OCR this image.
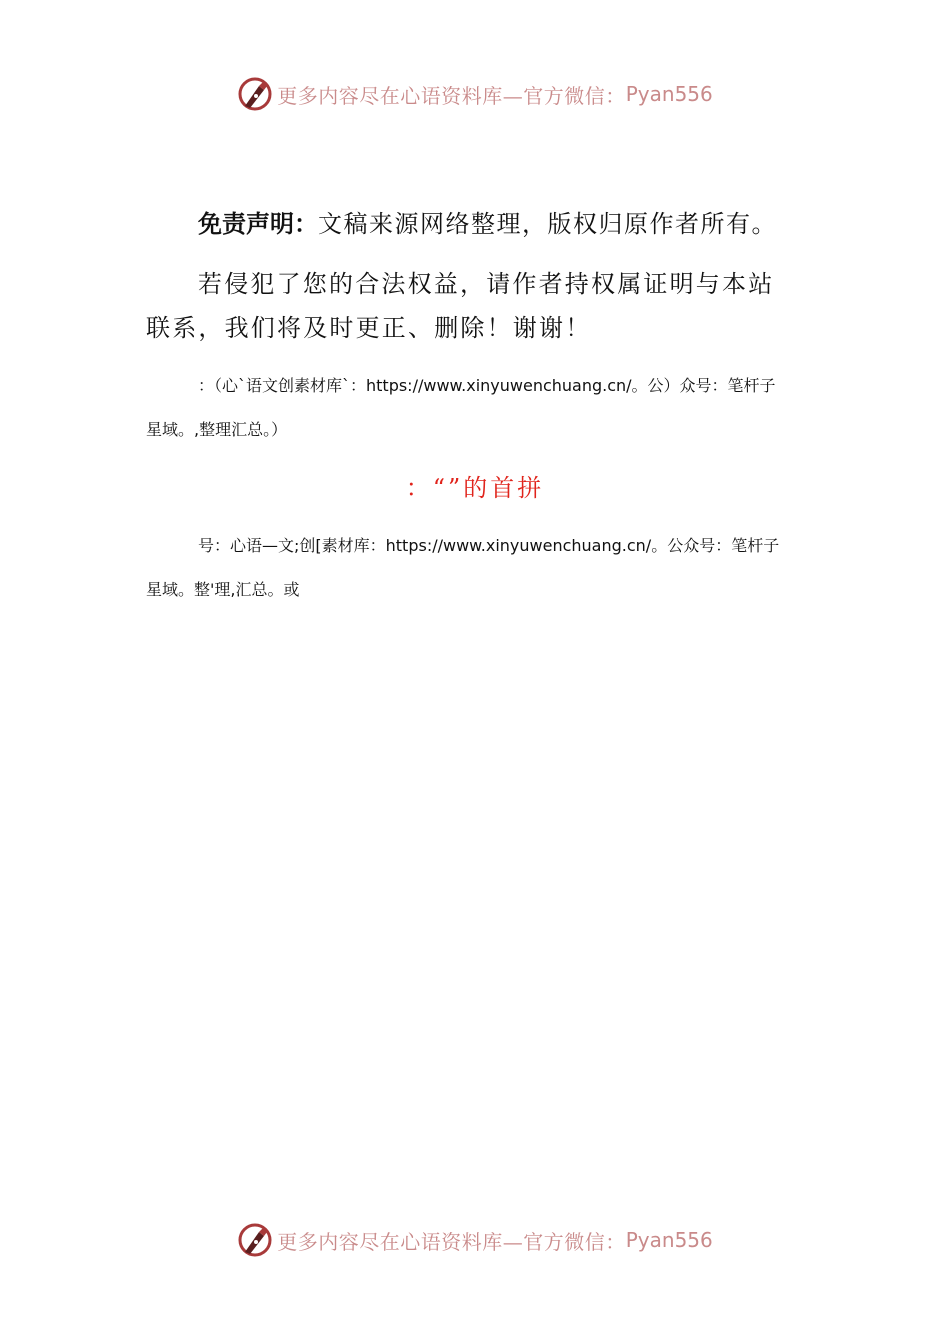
更多内容尽在心语资料库—官方微信： Pyan556

免责声明：文稿来源网络整理，版权归原作者所有。

若侵犯了您的合法权益，请作者持权属证明与本站联系，我们将及时更正、删除！谢谢！

：（心`语文创素材库`：https://www.xinyuwenchuang.cn/。公）众号：笔杆子星域。,整理汇总。）

：“”的首拼

号：心语—文;创[素材库：https://www.xinyuwenchuang.cn/。公众号：笔杆子星域。整'理,汇总。或

更多内容尽在心语资料库—官方微信： Pyan556
